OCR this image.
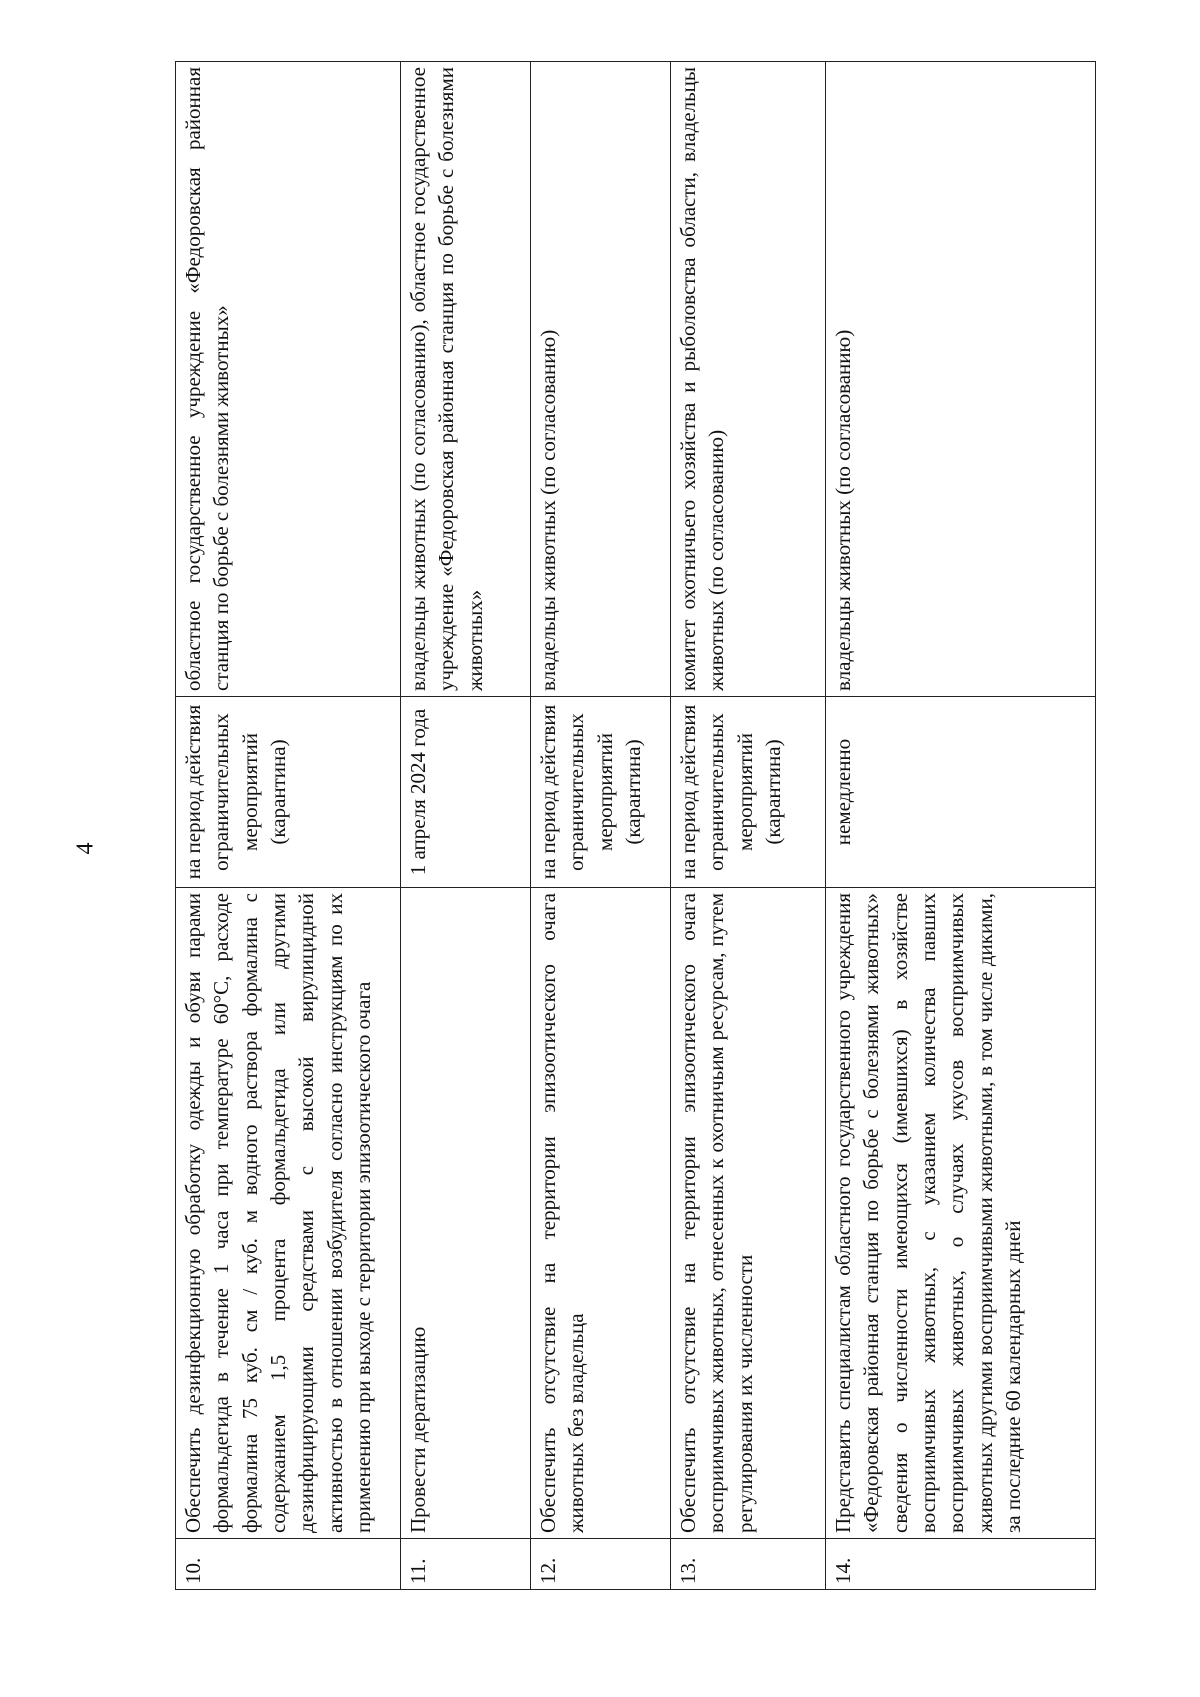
4
10.	Обеспечить дезинфекционную обработку одежды и обуви парами формальдегида в течение 1 часа при температуре 60°С, расходе формалина 75 куб. см / куб. м водного раствора формалина с содержанием 1,5 процента формальдегида или другими дезинфицирующими средствами с высокой вирулицидной активностью в отношении возбудителя согласно инструкциям по их применению при выходе с территории эпизоотического очага	на период действия ограничительных мероприятий (карантина)	областное государственное учреждение «Федоровская районная станция по борьбе с болезнями животных»
11.	Провести дератизацию	1 апреля 2024 года	владельцы животных (по согласованию), областное государственное учреждение «Федоровская районная станция по борьбе с болезнями животных»
12.	Обеспечить отсутствие на территории эпизоотического очага животных без владельца	на период действия ограничительных мероприятий (карантина)	владельцы животных (по согласованию)
13.	Обеспечить отсутствие на территории эпизоотического очага восприимчивых животных, отнесенных к охотничьим ресурсам, путем регулирования их численности	на период действия ограничительных мероприятий (карантина)	комитет охотничьего хозяйства и рыболовства области, владельцы животных (по согласованию)
14.	Представить специалистам областного государственного учреждения «Федоровская районная станция по борьбе с болезнями животных» сведения о численности имеющихся (имевшихся) в хозяйстве восприимчивых животных, с указанием количества павших восприимчивых животных, о случаях укусов восприимчивых животных другими восприимчивыми животными, в том числе дикими, за последние 60 календарных дней	немедленно	владельцы животных (по согласованию)
